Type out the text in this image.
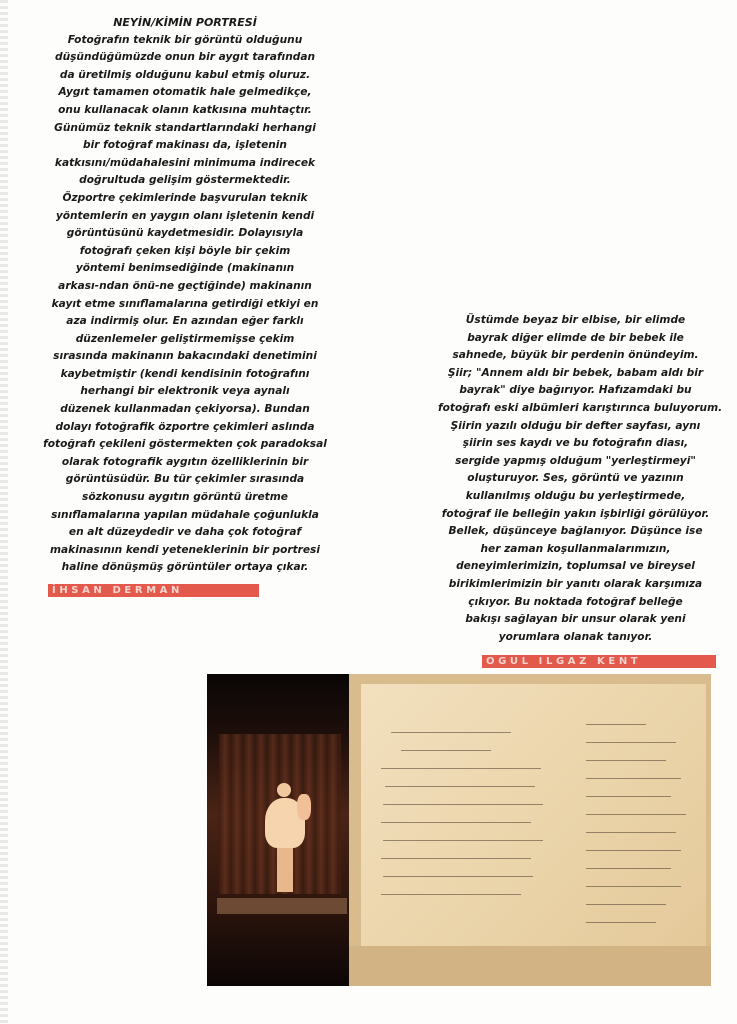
NEYİN/KİMİN PORTRESİ
Fotoğrafın teknik bir görüntü olduğunu
düşündüğümüzde onun bir aygıt tarafından
da üretilmiş olduğunu kabul etmiş oluruz.
Aygıt tamamen otomatik hale gelmedikçe,
onu kullanacak olanın katkısına muhtaçtır.
Günümüz teknik standartlarındaki herhangi
bir fotoğraf makinası da, işletenin
katkısını/müdahalesini minimuma indirecek
doğrultuda gelişim göstermektedir.
Özportre çekimlerinde başvurulan teknik
yöntemlerin en yaygın olanı işletenin kendi
görüntüsünü kaydetmesidir. Dolayısıyla
fotoğrafı çeken kişi böyle bir çekim
yöntemi benimsediğinde (makinanın
arkası-ndan önü-ne geçtiğinde) makinanın
kayıt etme sınıflamalarına getirdiği etkiyi en
aza indirmiş olur. En azından eğer farklı
düzenlemeler geliştirmemişse çekim
sırasında makinanın bakacındaki denetimini
kaybetmiştir (kendi kendisinin fotoğrafını
herhangi bir elektronik veya aynalı
düzenek kullanmadan çekiyorsa). Bundan
dolayı fotoğrafik özportre çekimleri aslında
fotoğrafı çekileni göstermekten çok paradoksal
olarak fotografik aygıtın özelliklerinin bir
görüntüsüdür. Bu tür çekimler sırasında
sözkonusu aygıtın görüntü üretme
sınıflamalarına yapılan müdahale çoğunlukla
en alt düzeydedir ve daha çok fotoğraf
makinasının kendi yeteneklerinin bir portresi
haline dönüşmüş görüntüler ortaya çıkar.
İHSAN DERMAN
Üstümde beyaz bir elbise, bir elimde
bayrak diğer elimde de bir bebek ile
sahnede, büyük bir perdenin önündeyim.
Şiir; "Annem aldı bir bebek, babam aldı bir
bayrak" diye bağırıyor. Hafızamdaki bu
fotoğrafı eski albümleri karıştırınca buluyorum.
Şiirin yazılı olduğu bir defter sayfası, aynı
şiirin ses kaydı ve bu fotoğrafın diası,
sergide yapmış olduğum "yerleştirmeyi"
oluşturuyor. Ses, görüntü ve yazının
kullanılmış olduğu bu yerleştirmede,
fotoğraf ile belleğin yakın işbirliği görülüyor.
Bellek, düşünceye bağlanıyor. Düşünce ise
her zaman koşullanmalarımızın,
deneyimlerimizin, toplumsal ve bireysel
birikimlerimizin bir yanıtı olarak karşımıza
çıkıyor. Bu noktada fotoğraf belleğe
bakışı sağlayan bir unsur olarak yeni
yorumlara olanak tanıyor.
OGUL ILGAZ KENT
